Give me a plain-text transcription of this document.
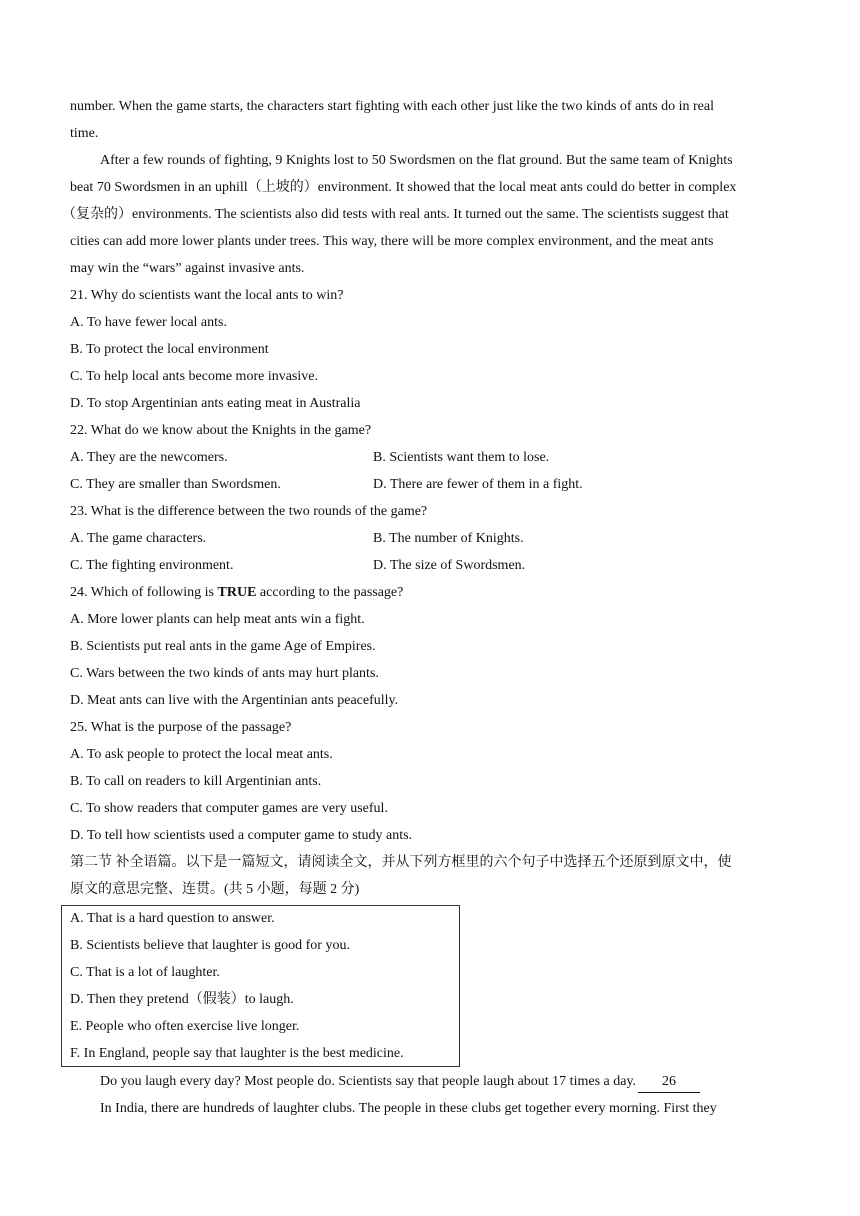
number. When the game starts, the characters start fighting with each other just like the two kinds of ants do in real
time.
After a few rounds of fighting, 9 Knights lost to 50 Swordsmen on the flat ground. But the same team of Knights
beat 70 Swordsmen in an uphill（上坡的）environment. It showed that the local meat ants could do better in complex
（复杂的）environments. The scientists also did tests with real ants. It turned out the same. The scientists suggest that
cities can add more lower plants under trees. This way, there will be more complex environment, and the meat ants
may win the “wars” against invasive ants.
21. Why do scientists want the local ants to win?
A. To have fewer local ants.
B. To protect the local environment
C. To help local ants become more invasive.
D. To stop Argentinian ants eating meat in Australia
22. What do we know about the Knights in the game?
A. They are the newcomers.	B. Scientists want them to lose.
C. They are smaller than Swordsmen.	D. There are fewer of them in a fight.
23. What is the difference between the two rounds of the game?
A. The game characters.	B. The number of Knights.
C. The fighting environment.	D. The size of Swordsmen.
24. Which of following is TRUE according to the passage?
A. More lower plants can help meat ants win a fight.
B. Scientists put real ants in the game Age of Empires.
C. Wars between the two kinds of ants may hurt plants.
D. Meat ants can live with the Argentinian ants peacefully.
25. What is the purpose of the passage?
A. To ask people to protect the local meat ants.
B. To call on readers to kill Argentinian ants.
C. To show readers that computer games are very useful.
D. To tell how scientists used a computer game to study ants.
第二节 补全语篇。以下是一篇短文，请阅读全文，并从下列方框里的六个句子中选择五个还原到原文中，使
原文的意思完整、连贯。(共 5 小题，每题 2 分)
A. That is a hard question to answer.
B. Scientists believe that laughter is good for you.
C. That is a lot of laughter.
D. Then they pretend（假装）to laugh.
E. People who often exercise live longer.
F. In England, people say that laughter is the best medicine.
Do you laugh every day? Most people do. Scientists say that people laugh about 17 times a day. 26
In India, there are hundreds of laughter clubs. The people in these clubs get together every morning. First they
